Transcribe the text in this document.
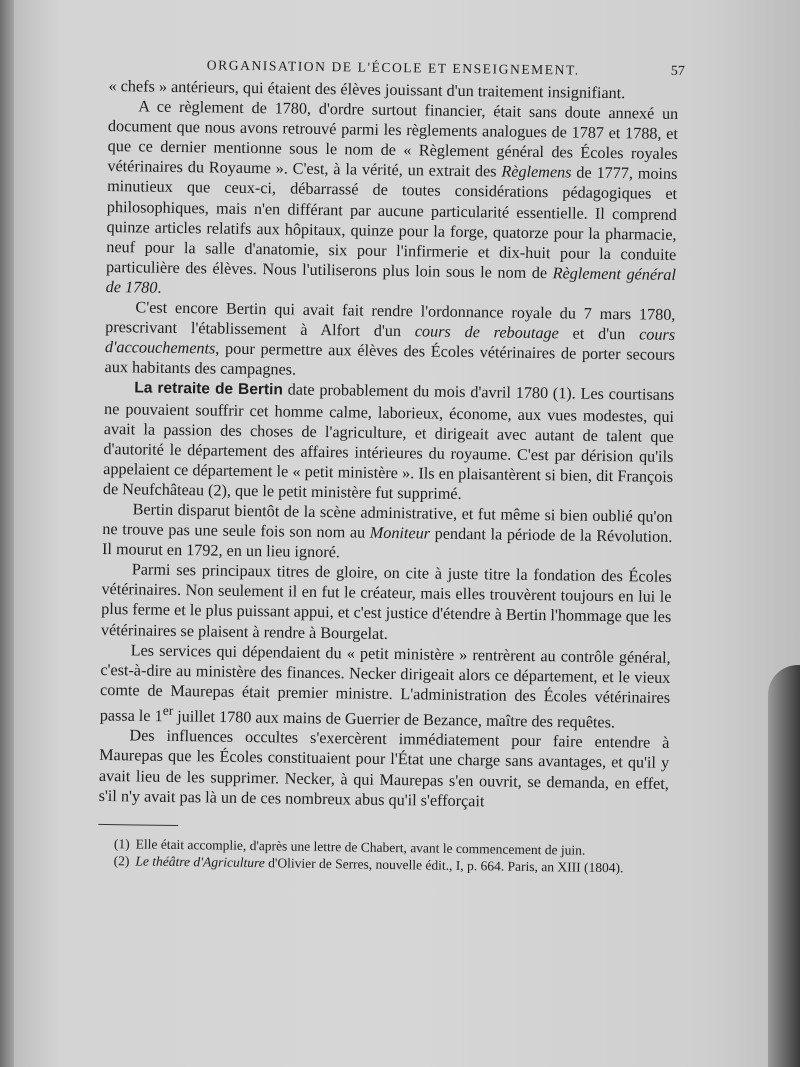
ORGANISATION DE L'ÉCOLE ET ENSEIGNEMENT.	57

« chefs » antérieurs, qui étaient des élèves jouissant d'un traitement insignifiant.

A ce règlement de 1780, d'ordre surtout financier, était sans doute annexé un document que nous avons retrouvé parmi les règlements analogues de 1787 et 1788, et que ce dernier mentionne sous le nom de « Règlement général des Écoles royales vétérinaires du Royaume ». C'est, à la vérité, un extrait des Règlemens de 1777, moins minutieux que ceux-ci, débarrassé de toutes considérations pédagogiques et philosophiques, mais n'en différant par aucune particularité essentielle. Il comprend quinze articles relatifs aux hôpitaux, quinze pour la forge, quatorze pour la pharmacie, neuf pour la salle d'anatomie, six pour l'infirmerie et dix-huit pour la conduite particulière des élèves. Nous l'utiliserons plus loin sous le nom de Règlement général de 1780.

C'est encore Bertin qui avait fait rendre l'ordonnance royale du 7 mars 1780, prescrivant l'établissement à Alfort d'un cours de reboutage et d'un cours d'accouchements, pour permettre aux élèves des Écoles vétérinaires de porter secours aux habitants des campagnes.

La retraite de Bertin date probablement du mois d'avril 1780 (1). Les courtisans ne pouvaient souffrir cet homme calme, laborieux, économe, aux vues modestes, qui avait la passion des choses de l'agriculture, et dirigeait avec autant de talent que d'autorité le département des affaires intérieures du royaume. C'est par dérision qu'ils appelaient ce département le « petit ministère ». Ils en plaisantèrent si bien, dit François de Neufchâteau (2), que le petit ministère fut supprimé.

Bertin disparut bientôt de la scène administrative, et fut même si bien oublié qu'on ne trouve pas une seule fois son nom au Moniteur pendant la période de la Révolution. Il mourut en 1792, en un lieu ignoré.

Parmi ses principaux titres de gloire, on cite à juste titre la fondation des Écoles vétérinaires. Non seulement il en fut le créateur, mais elles trouvèrent toujours en lui le plus ferme et le plus puissant appui, et c'est justice d'étendre à Bertin l'hommage que les vétérinaires se plaisent à rendre à Bourgelat.

Les services qui dépendaient du « petit ministère » rentrèrent au contrôle général, c'est-à-dire au ministère des finances. Necker dirigeait alors ce département, et le vieux comte de Maurepas était premier ministre. L'administration des Écoles vétérinaires passa le 1er juillet 1780 aux mains de Guerrier de Bezance, maître des requêtes.

Des influences occultes s'exercèrent immédiatement pour faire entendre à Maurepas que les Écoles constituaient pour l'État une charge sans avantages, et qu'il y avait lieu de les supprimer. Necker, à qui Maurepas s'en ouvrit, se demanda, en effet, s'il n'y avait pas là un de ces nombreux abus qu'il s'efforçait

(1) Elle était accomplie, d'après une lettre de Chabert, avant le commencement de juin.

(2) Le théâtre d'Agriculture d'Olivier de Serres, nouvelle édit., I, p. 664. Paris, an XIII (1804).
